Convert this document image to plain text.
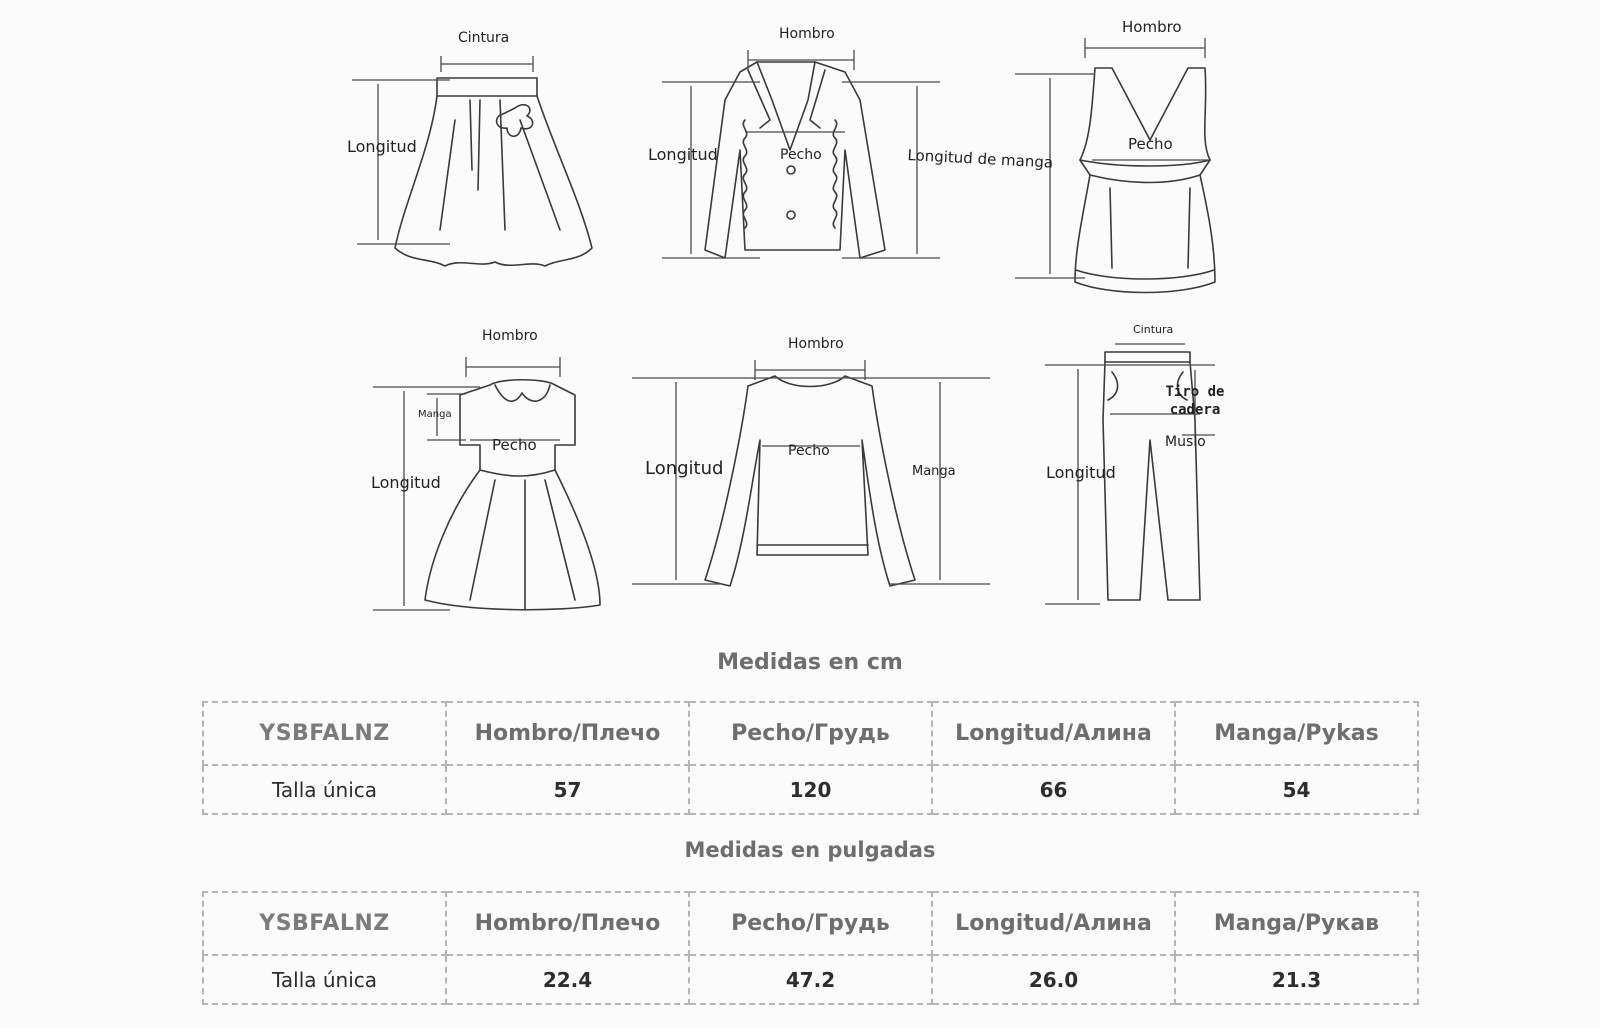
Cintura
Longitud
Hombro
Longitud	Pecho	Longitud de manga
Hombro
Pecho
Hombro
Manga
Pecho
Longitud
Hombro
Longitud
Pecho
Manga
Cintura
Tiro de cadera
Muslo
Longitud
Medidas en cm
YSBFALNZ	Hombro/Плечо	Pecho/Грудь	Longitud/Алина	Manga/Pykas
Talla única	57	120	66	54
Medidas en pulgadas
YSBFALNZ	Hombro/Плечо	Pecho/Грудь	Longitud/Алина	Manga/Рукав
Talla única	22.4	47.2	26.0	21.3
